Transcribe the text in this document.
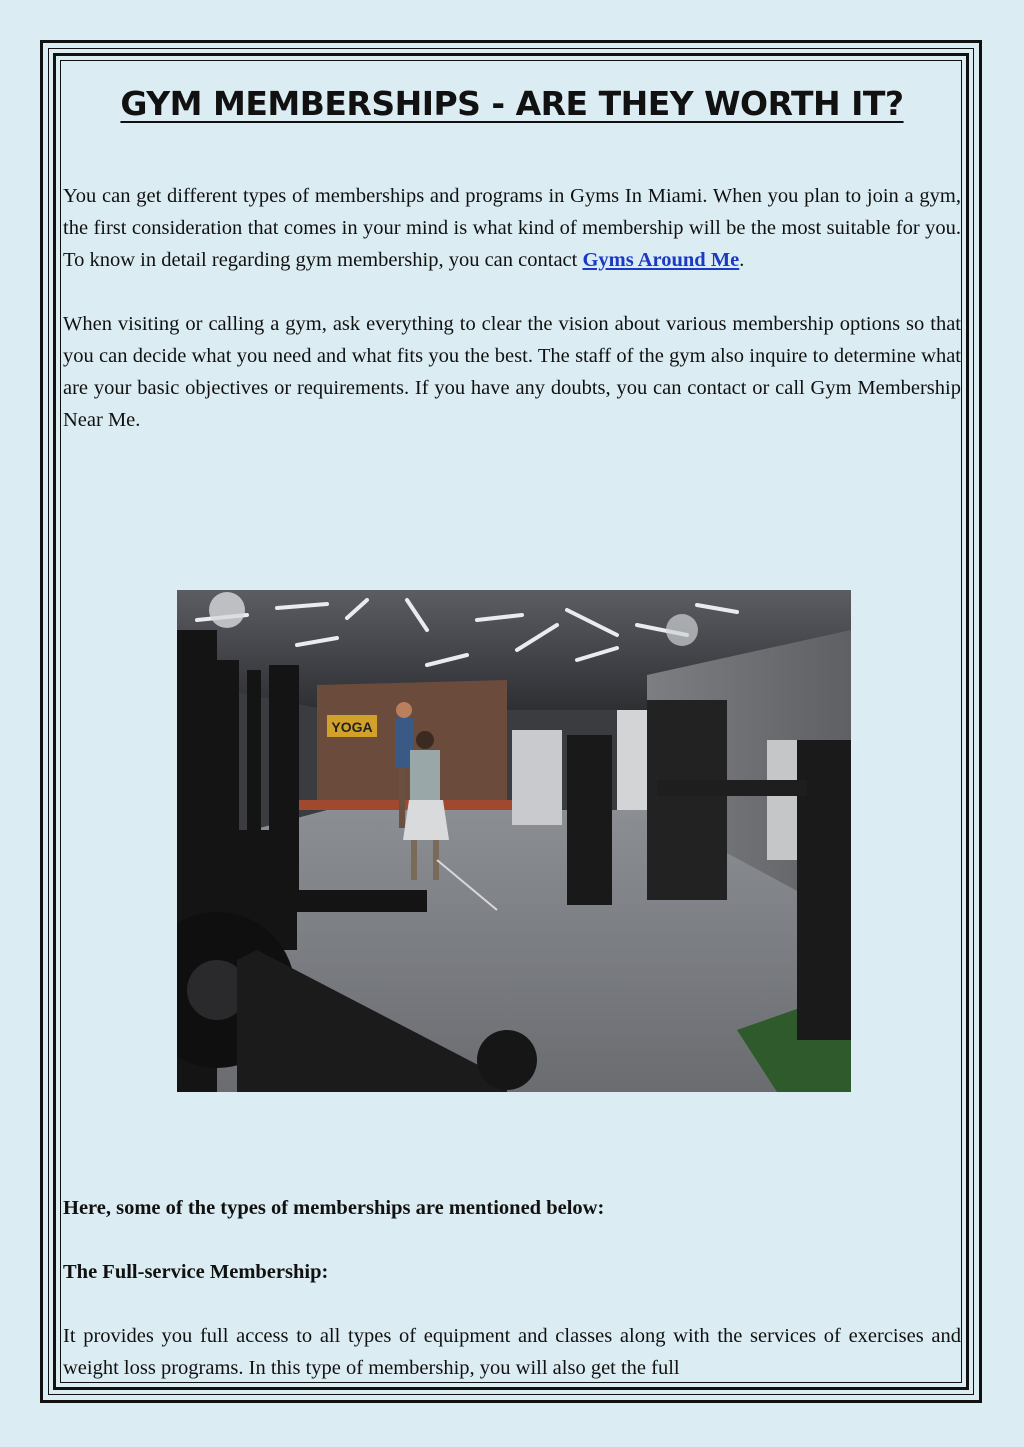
GYM MEMBERSHIPS - ARE THEY WORTH IT?

You can get different types of memberships and programs in Gyms In Miami. When you plan to join a gym, the first consideration that comes in your mind is what kind of membership will be the most suitable for you. To know in detail regarding gym membership, you can contact Gyms Around Me.

When visiting or calling a gym, ask everything to clear the vision about various membership options so that you can decide what you need and what fits you the best. The staff of the gym also inquire to determine what are your basic objectives or requirements. If you have any doubts, you can contact or call Gym Membership Near Me.

YOGA

Here, some of the types of memberships are mentioned below:

The Full-service Membership:

It provides you full access to all types of equipment and classes along with the services of exercises and weight loss programs. In this type of membership, you will also get the full
